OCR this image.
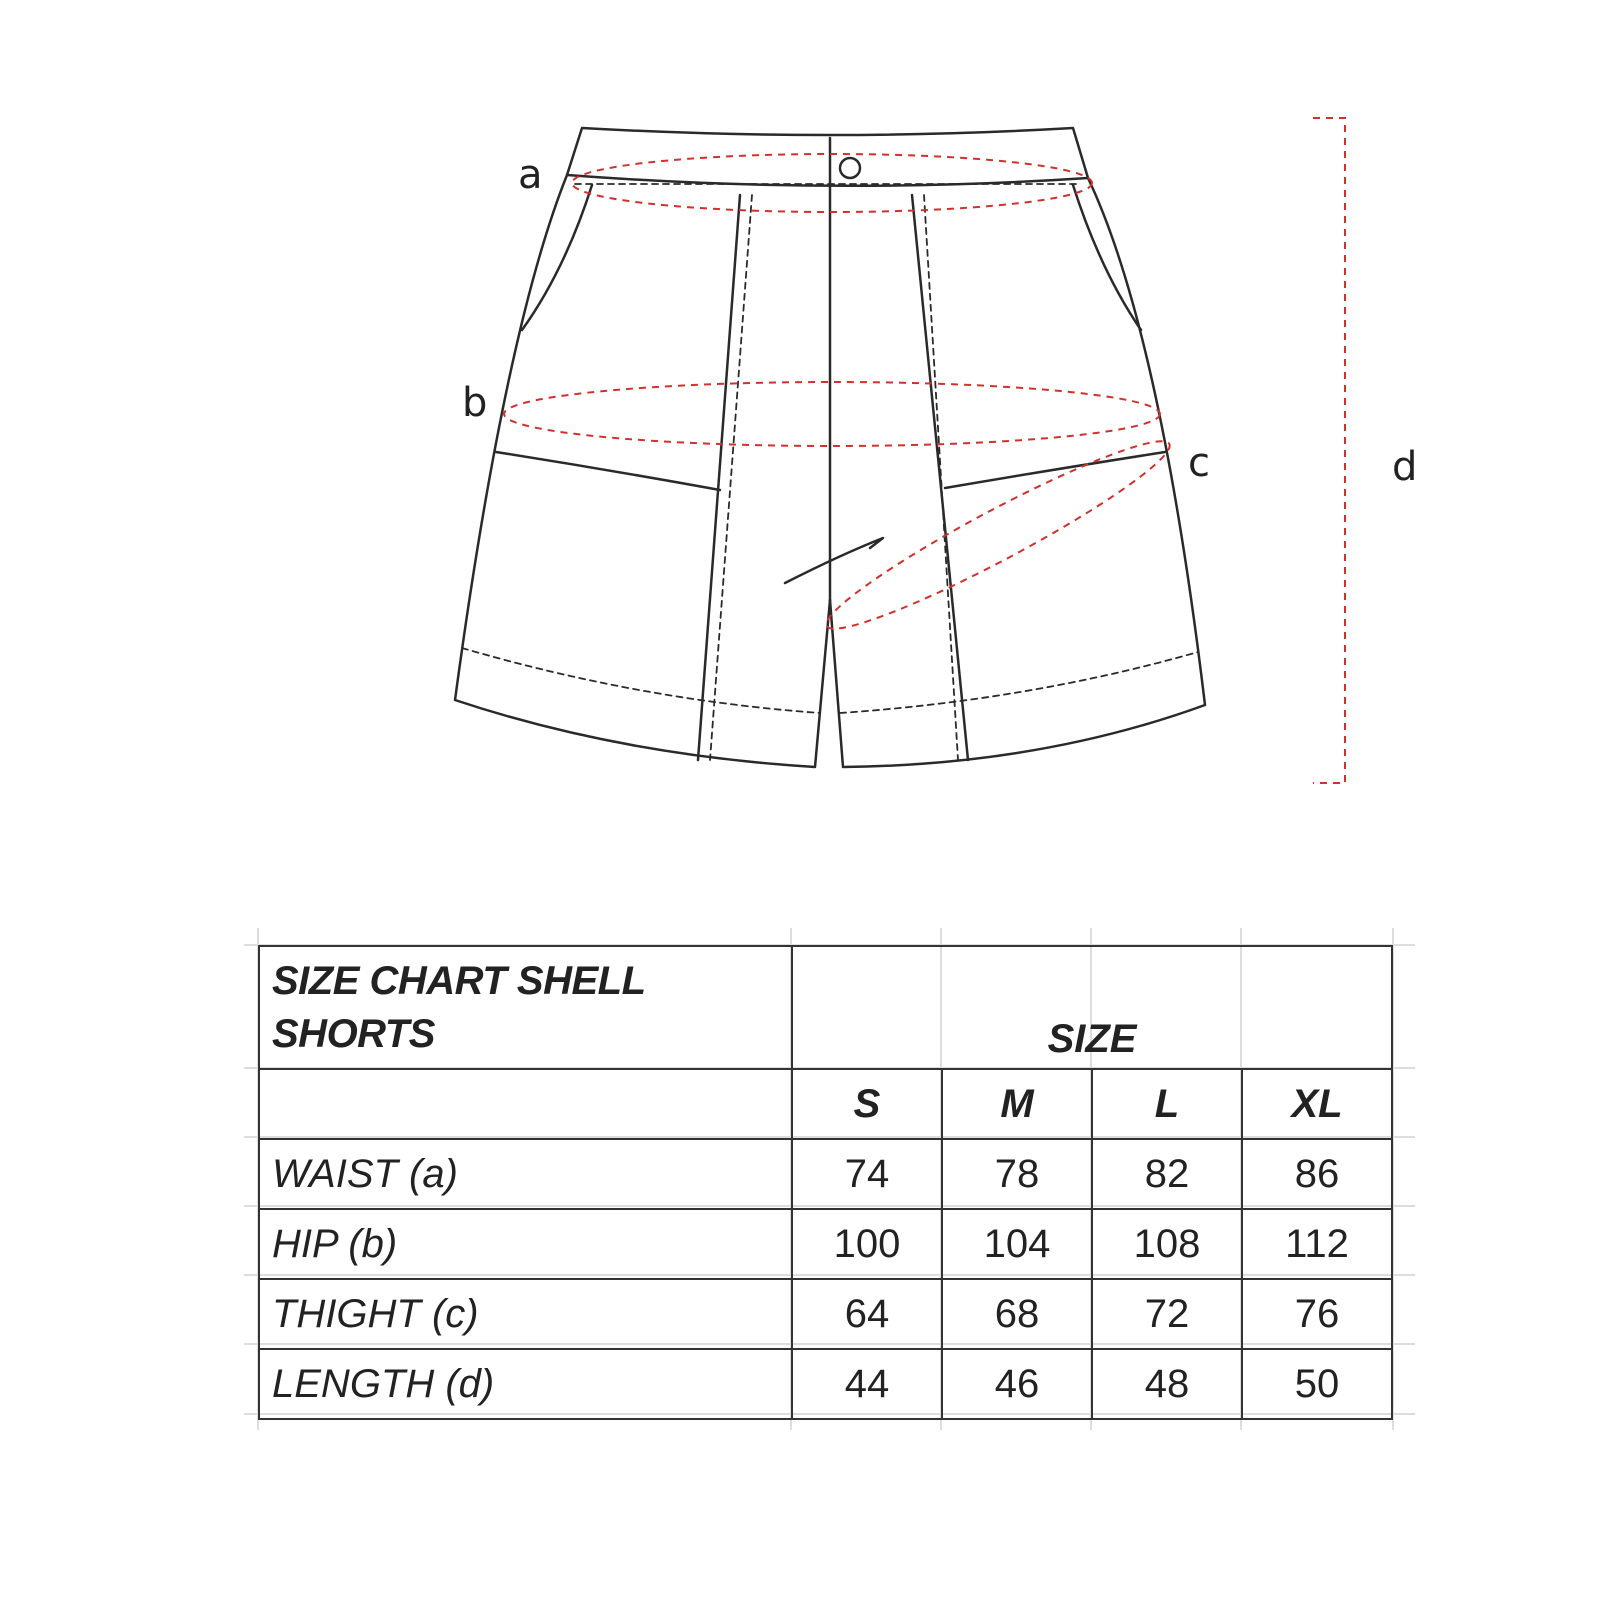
a
b
c	d
SIZE CHART SHELL
SHORTS	SIZE			
	S	M	L	XL
WAIST (a)	74	78	82	86
HIP (b)	100	104	108	112
THIGHT (c)	64	68	72	76
LENGTH (d)	44	46	48	50
